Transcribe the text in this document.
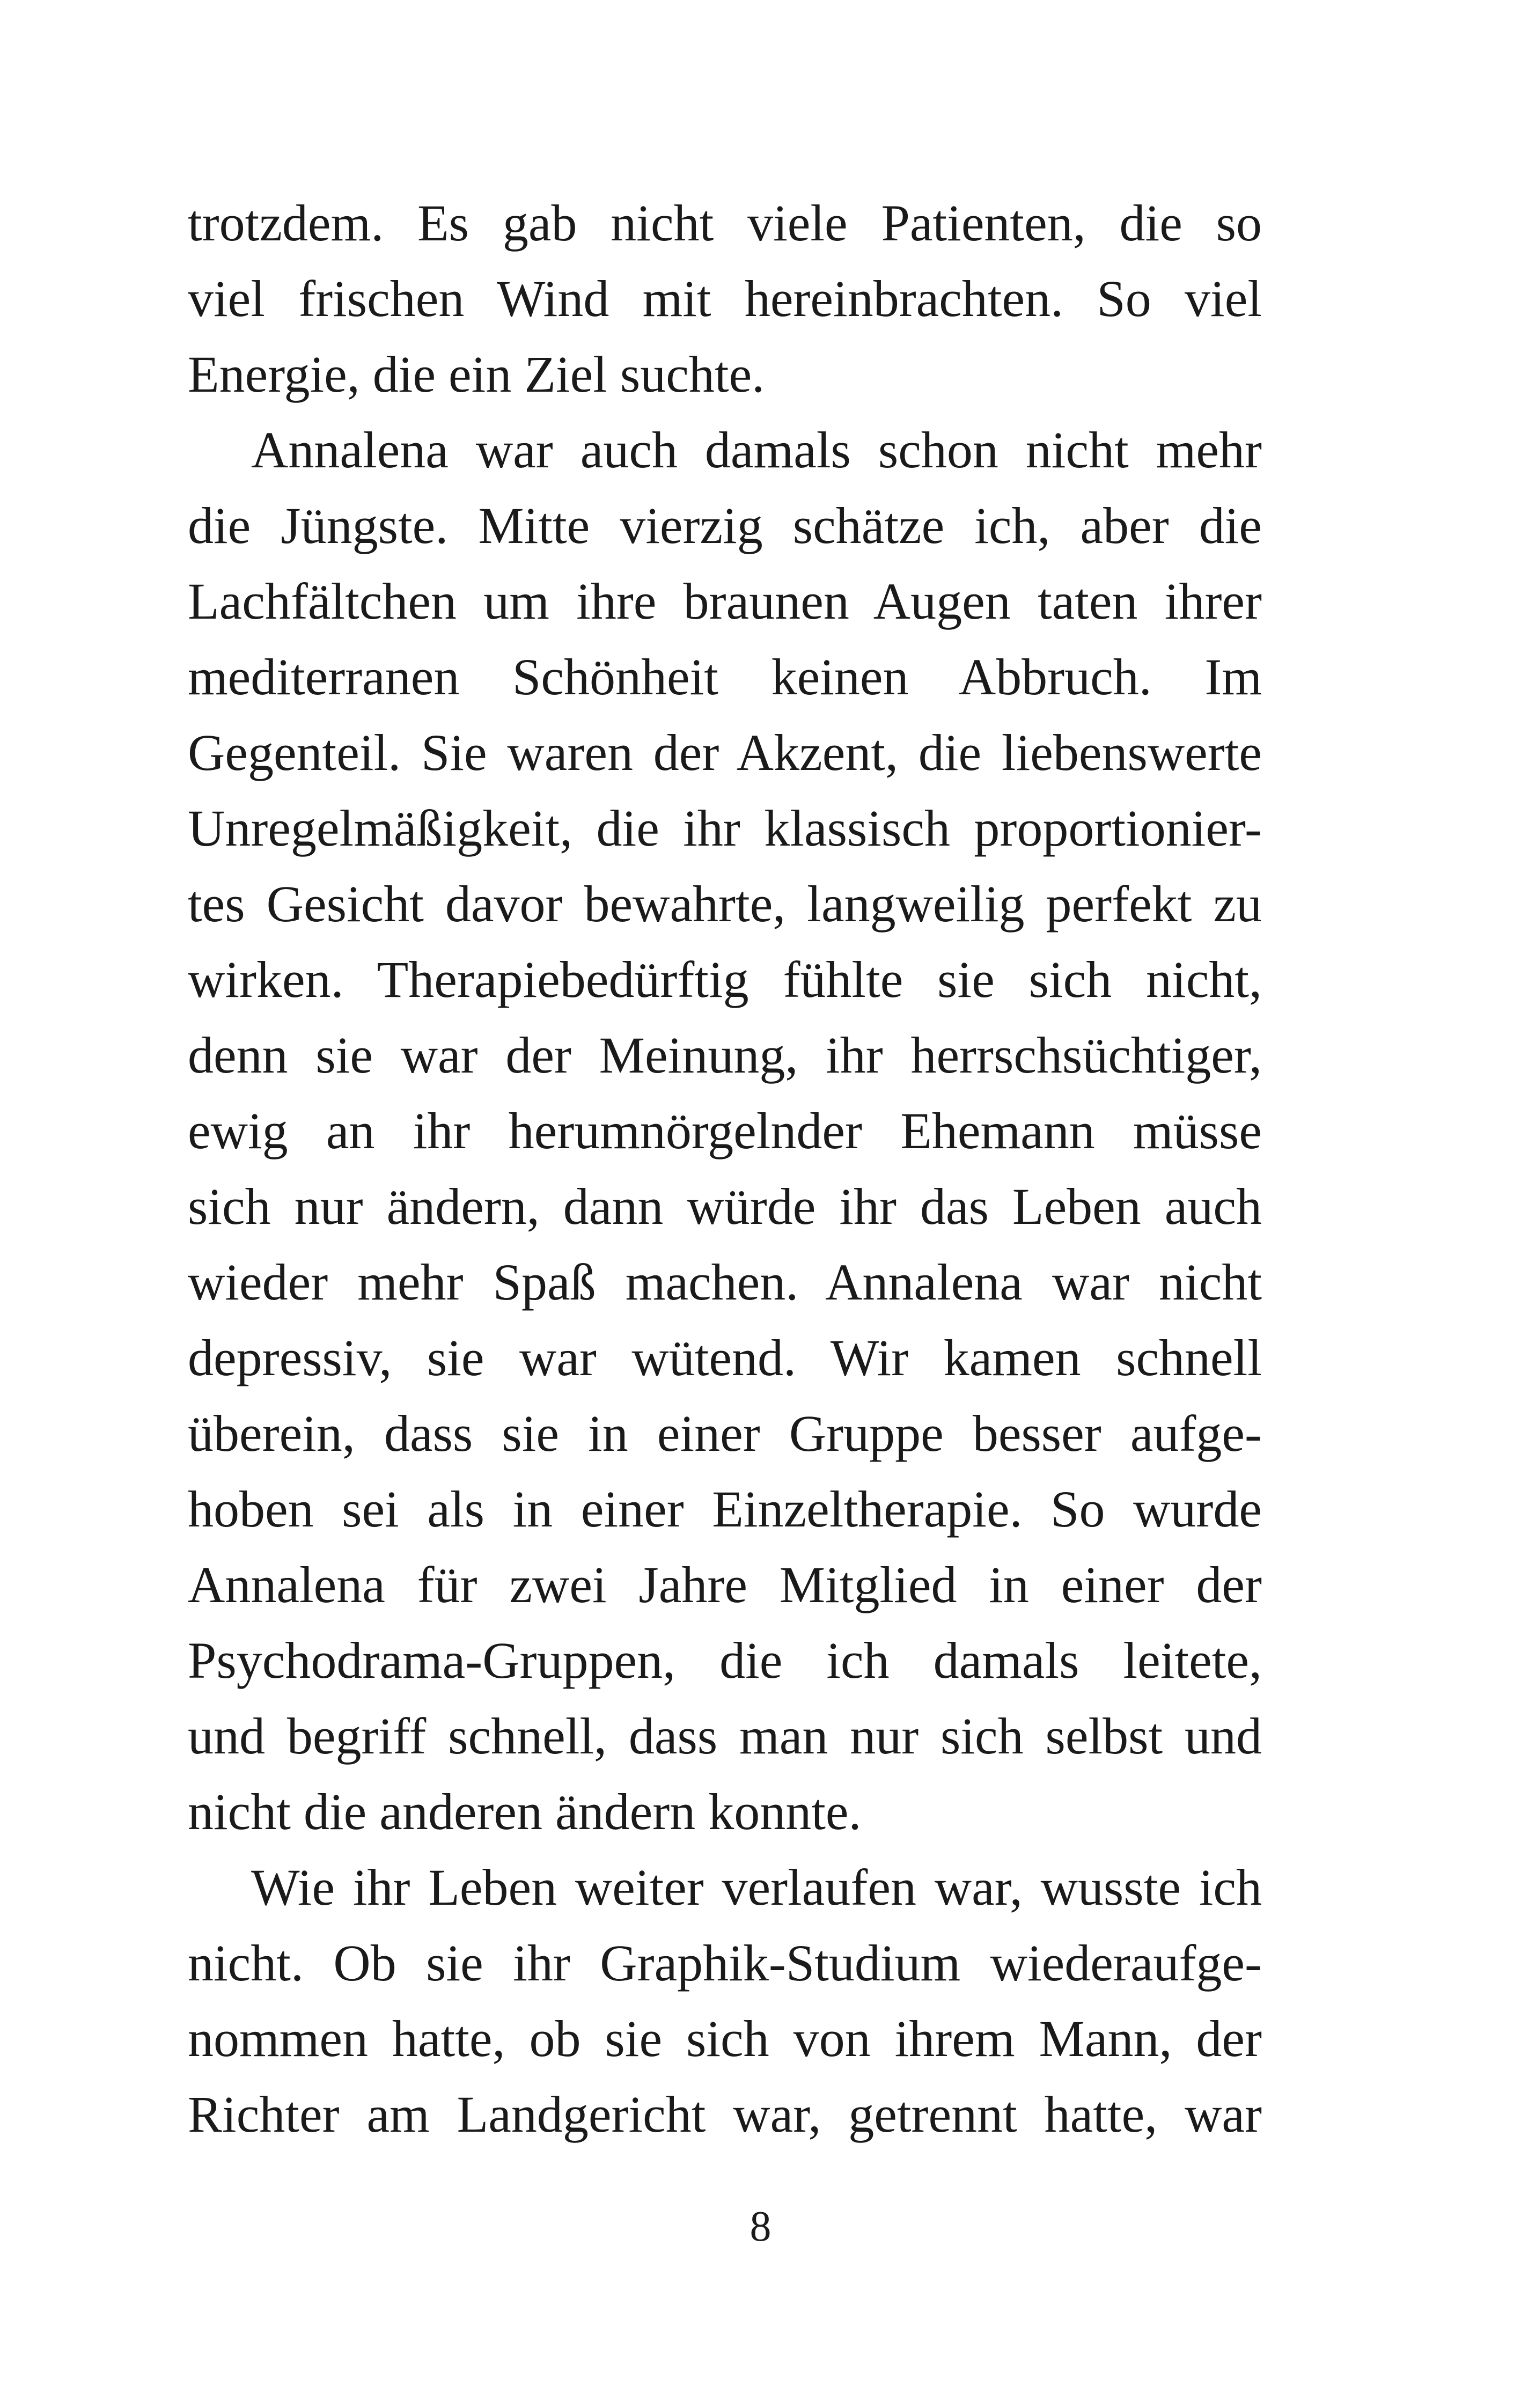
trotzdem. Es gab nicht viele Patienten, die so
viel frischen Wind mit hereinbrachten. So viel
Energie, die ein Ziel suchte.
Annalena war auch damals schon nicht mehr
die Jüngste. Mitte vierzig schätze ich, aber die
Lachfältchen um ihre braunen Augen taten ihrer
mediterranen Schönheit keinen Abbruch. Im
Gegenteil. Sie waren der Akzent, die liebenswerte
Unregelmäßigkeit, die ihr klassisch proportionier-
tes Gesicht davor bewahrte, langweilig perfekt zu
wirken. Therapiebedürftig fühlte sie sich nicht,
denn sie war der Meinung, ihr herrschsüchtiger,
ewig an ihr herumnörgelnder Ehemann müsse
sich nur ändern, dann würde ihr das Leben auch
wieder mehr Spaß machen. Annalena war nicht
depressiv, sie war wütend. Wir kamen schnell
überein, dass sie in einer Gruppe besser aufge-
hoben sei als in einer Einzeltherapie. So wurde
Annalena für zwei Jahre Mitglied in einer der
Psychodrama-Gruppen, die ich damals leitete,
und begriff schnell, dass man nur sich selbst und
nicht die anderen ändern konnte.
Wie ihr Leben weiter verlaufen war, wusste ich
nicht. Ob sie ihr Graphik-Studium wiederaufge-
nommen hatte, ob sie sich von ihrem Mann, der
Richter am Landgericht war, getrennt hatte, war
8
